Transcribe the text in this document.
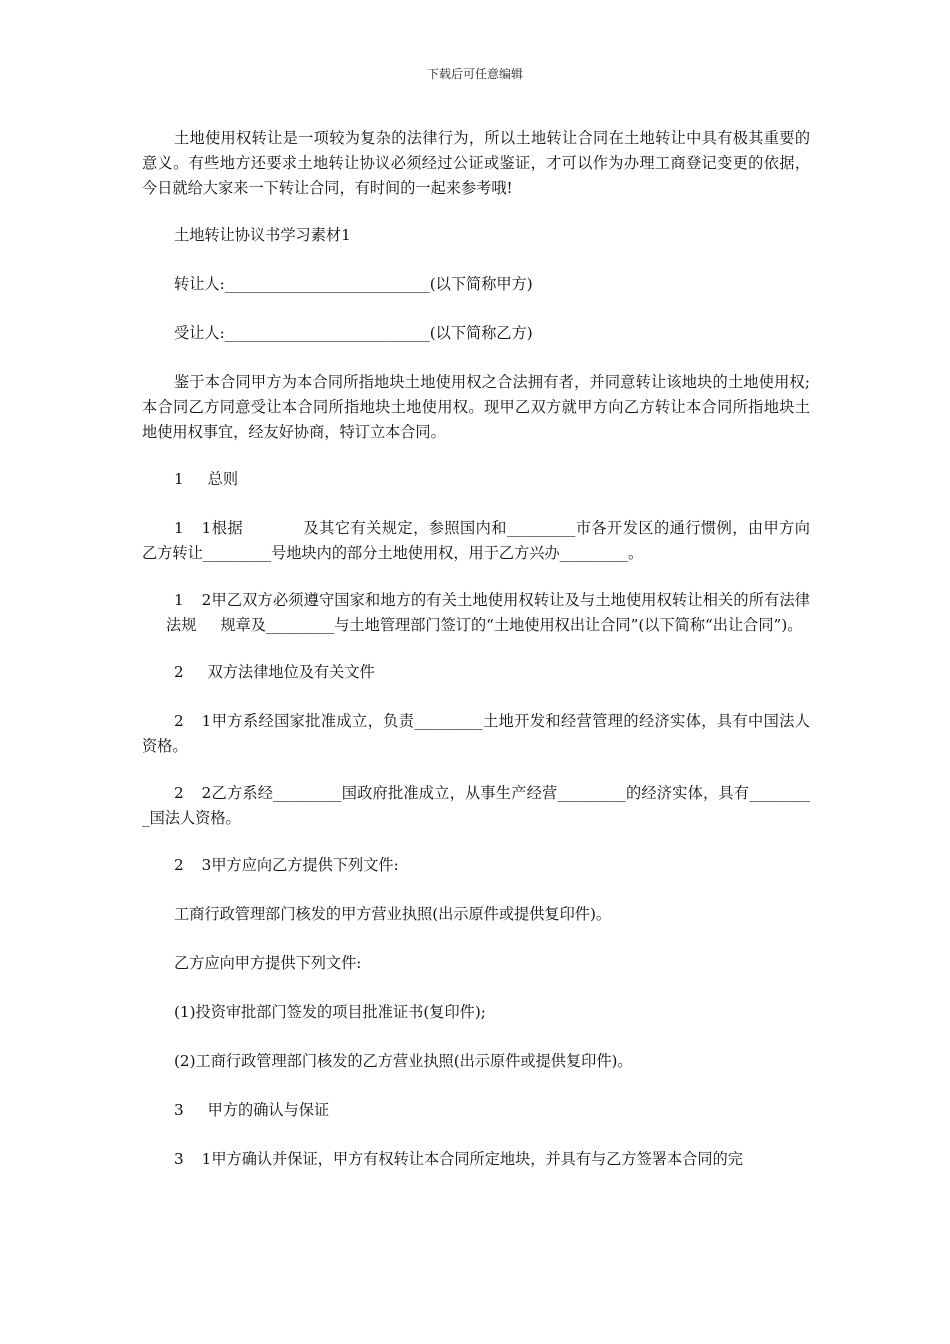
下载后可任意编辑

土地使用权转让是一项较为复杂的法律行为，所以土地转让合同在土地转让中具有极其重要的意义。有些地方还要求土地转让协议必须经过公证或鉴证，才可以作为办理工商登记变更的依据，今日就给大家来一下转让合同，有时间的一起来参考哦!

土地转让协议书学习素材1

转让人:___________________________(以下简称甲方)

受让人:___________________________(以下简称乙方)

鉴于本合同甲方为本合同所指地块土地使用权之合法拥有者，并同意转让该地块的土地使用权;本合同乙方同意受让本合同所指地块土地使用权。现甲乙双方就甲方向乙方转让本合同所指地块土地使用权事宜，经友好协商，特订立本合同。

1 总则

1 1根据	及其它有关规定，参照国内和_________市各开发区的通行惯例，由甲方向乙方转让_________号地块内的部分土地使用权，用于乙方兴办_________。

1 2甲乙双方必须遵守国家和地方的有关土地使用权转让及与土地使用权转让相关的所有法律法规 规章及_________与土地管理部门签订的“土地使用权出让合同”(以下简称“出让合同”)。

2 双方法律地位及有关文件

2 1甲方系经国家批准成立，负责_________土地开发和经营管理的经济实体，具有中国法人资格。

2 2乙方系经_________国政府批准成立，从事生产经营_________的经济实体，具有_________国法人资格。

2 3甲方应向乙方提供下列文件:

工商行政管理部门核发的甲方营业执照(出示原件或提供复印件)。

乙方应向甲方提供下列文件:

(1)投资审批部门签发的项目批准证书(复印件);

(2)工商行政管理部门核发的乙方营业执照(出示原件或提供复印件)。

3 甲方的确认与保证

3 1甲方确认并保证，甲方有权转让本合同所定地块，并具有与乙方签署本合同的完
